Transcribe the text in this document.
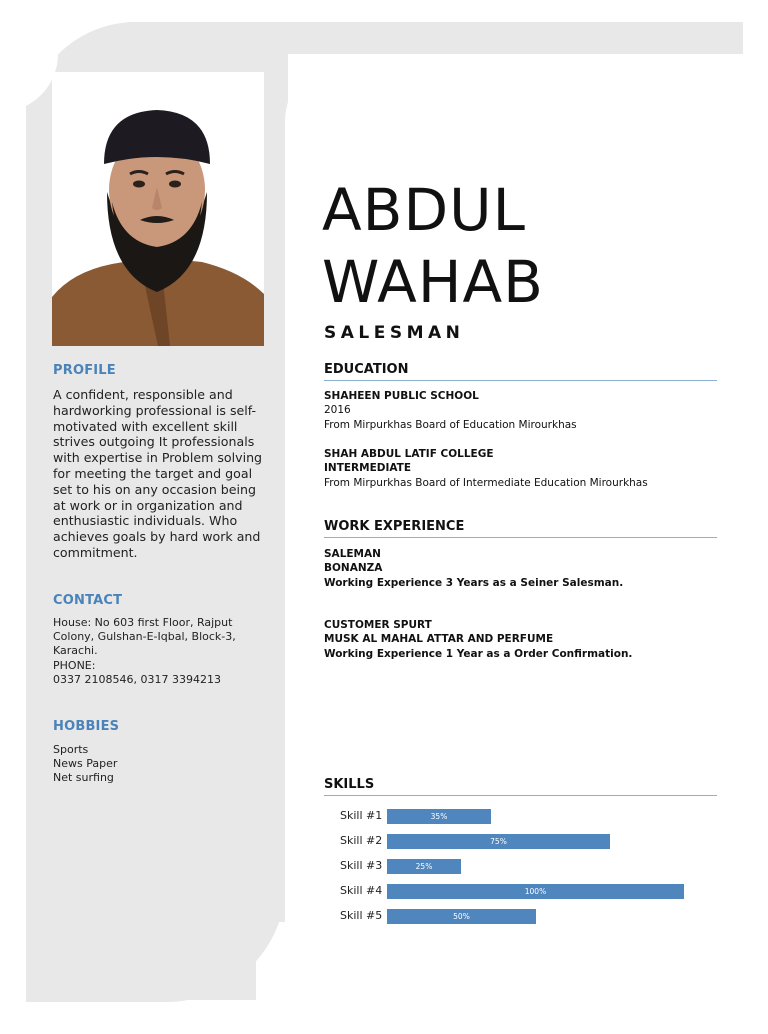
PROFILE
A confident, responsible and hardworking professional is self-motivated with excellent skill strives outgoing It professionals with expertise in Problem solving for meeting the target and goal set to his on any occasion being at work or in organization and enthusiastic individuals. Who achieves goals by hard work and commitment.
CONTACT
House: No 603 first Floor, Rajput Colony, Gulshan-E-Iqbal, Block-3, Karachi.
PHONE:
0337 2108546, 0317 3394213
HOBBIES
Sports
News Paper
Net surfing
ABDUL
WAHAB
SALESMAN
EDUCATION
SHAHEEN PUBLIC SCHOOL
2016
From Mirpurkhas Board of Education Mirourkhas
SHAH ABDUL LATIF COLLEGE
INTERMEDIATE
From Mirpurkhas Board of Intermediate Education Mirourkhas
WORK EXPERIENCE
SALEMAN
BONANZA
Working Experience 3 Years as a Seiner Salesman.
CUSTOMER SPURT
MUSK AL MAHAL ATTAR AND PERFUME
Working Experience 1 Year as a Order Confirmation.
SKILLS
Skill #1	35%
Skill #2	75%
Skill #3	25%
Skill #4	100%
Skill #5	50%
